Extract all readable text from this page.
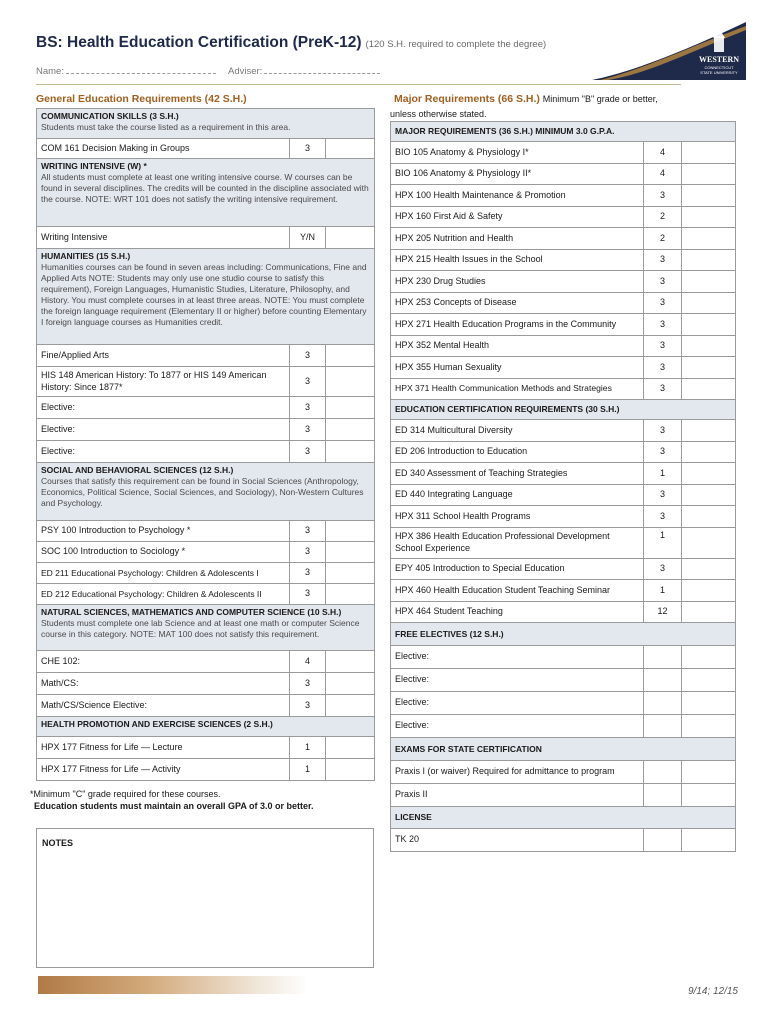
BS: Health Education Certification (PreK-12) (120 S.H. required to complete the degree)
Name:	Adviser:
WESTERN
CONNECTICUT
STATE UNIVERSITY
General Education Requirements (42 S.H.)
COMMUNICATION SKILLS (3 S.H.)
Students must take the course listed as a requirement in this area.		

COM 161 Decision Making in Groups	3	

WRITING INTENSIVE (W) *
All students must complete at least one writing intensive course. W courses can be found in several disciplines. The credits will be counted in the discipline associated with the course. NOTE: WRT 101 does not satisfy the writing intensive requirement.		

Writing Intensive	Y/N	

HUMANITIES (15 S.H.)
Humanities courses can be found in seven areas including: Communications, Fine and Applied Arts NOTE: Students may only use one studio course to satisfy this requirement), Foreign Languages, Humanistic Studies, Literature, Philosophy, and History. You must complete courses in at least three areas. NOTE: You must complete the foreign language requirement (Elementary II or higher) before counting Elementary I foreign language courses as Humanities credit.		

Fine/Applied Arts	3	
HIS 148 American History: To 1877 or HIS 149 American History: Since 1877*	3	
Elective:	3	
Elective:	3	
Elective:	3	

SOCIAL AND BEHAVIORAL SCIENCES (12 S.H.)
Courses that satisfy this requirement can be found in Social Sciences (Anthropology, Economics, Political Science, Social Sciences, and Sociology), Non-Western Cultures and Psychology.		

PSY 100 Introduction to Psychology *	3	
SOC 100 Introduction to Sociology *	3	
ED 211 Educational Psychology: Children & Adolescents I	3	
ED 212 Educational Psychology: Children & Adolescents II	3	

NATURAL SCIENCES, MATHEMATICS AND COMPUTER SCIENCE (10 S.H.)
Students must complete one lab Science and at least one math or computer Science course in this category. NOTE: MAT 100 does not satisfy this requirement.		

CHE 102:	4	
Math/CS:	3	
Math/CS/Science Elective:	3	

HEALTH PROMOTION AND EXERCISE SCIENCES (2 S.H.)		

HPX 177 Fitness for Life — Lecture	1	
HPX 177 Fitness for Life — Activity	1	
*Minimum "C" grade required for these courses.
Education students must maintain an overall GPA of 3.0 or better.
NOTES
Major Requirements (66 S.H.) Minimum "B" grade or better,
unless otherwise stated.
MAJOR REQUIREMENTS (36 S.H.) MINIMUM 3.0 G.P.A.		
BIO 105 Anatomy & Physiology I*	4	
BIO 106 Anatomy & Physiology II*	4	
HPX 100 Health Maintenance & Promotion	3	
HPX 160 First Aid & Safety	2	
HPX 205 Nutrition and Health	2	
HPX 215 Health Issues in the School	3	
HPX 230 Drug Studies	3	
HPX 253 Concepts of Disease	3	
HPX 271 Health Education Programs in the Community	3	
HPX 352 Mental Health	3	
HPX 355 Human Sexuality	3	
HPX 371 Health Communication Methods and Strategies	3	
EDUCATION CERTIFICATION REQUIREMENTS (30 S.H.)		
ED 314 Multicultural Diversity	3	
ED 206 Introduction to Education	3	
ED 340 Assessment of Teaching Strategies	1	
ED 440 Integrating Language	3	
HPX 311 School Health Programs	3	
HPX 386 Health Education Professional Development School Experience	1	
EPY 405 Introduction to Special Education	3	
HPX 460 Health Education Student Teaching Seminar	1	
HPX 464 Student Teaching	12	
FREE ELECTIVES (12 S.H.)		
Elective:		
Elective:		
Elective:		
Elective:		
EXAMS FOR STATE CERTIFICATION		
Praxis I (or waiver) Required for admittance to program		
Praxis II		
LICENSE		
TK 20		
9/14; 12/15
